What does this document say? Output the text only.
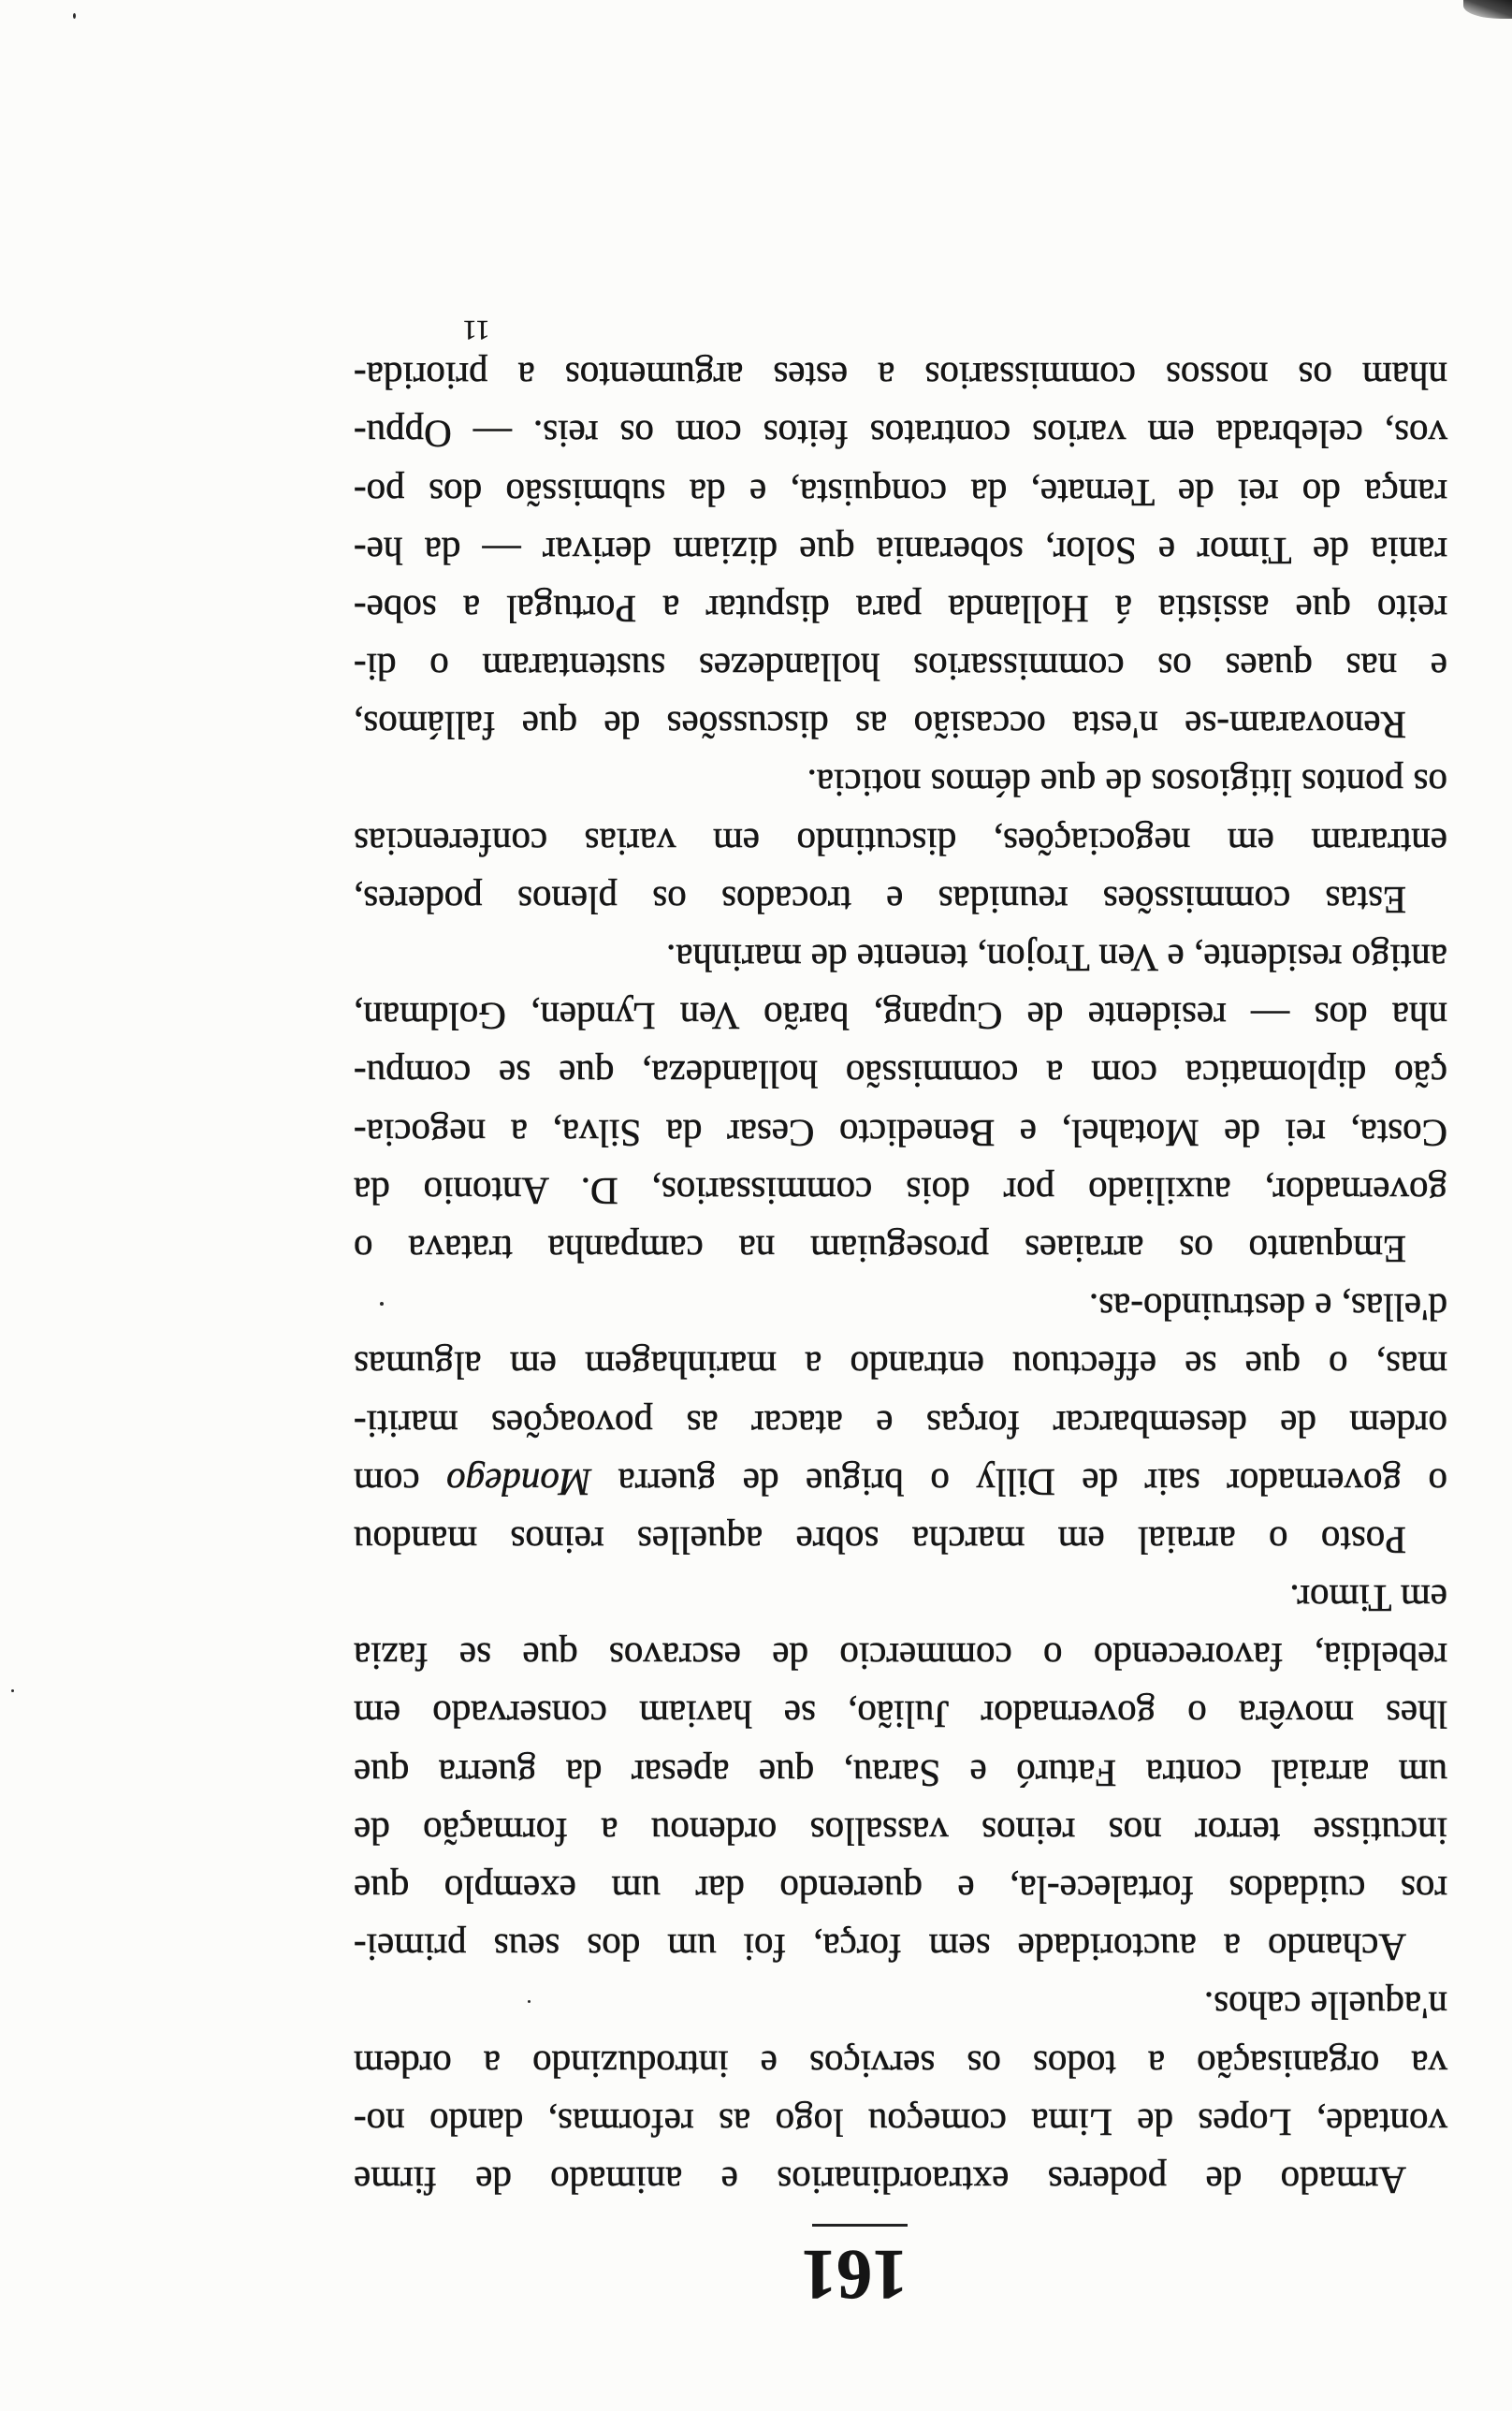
161
Armado de poderes extraordinarios e animado de firme
vontade, Lopes de Lima começou logo as reformas, dando no-
va organisação a todos os serviços e introduzindo a ordem
n'aquelle cahos.
Achando a auctoridade sem força, foi um dos seus primei-
ros cuidados fortalece-la, e querendo dar um exemplo que
incutisse terror nos reinos vassallos ordenou a formação de
um arraial contra Faturó e Sarau, que apesar da guerra que
lhes movêra o governador Julião, se haviam conservado em
rebeldia, favorecendo o commercio de escravos que se fazia
em Timor.
Posto o arraial em marcha sobre aquelles reinos mandou
o governador sair de Dilly o brigue de guerra Mondego com
ordem de desembarcar forças e atacar as povoações mariti-
mas, o que se effectuou entrando a marinhagem em algumas
d'ellas, e destruindo-as.
Emquanto os arraiaes proseguiam na campanha tratava o
governador, auxiliado por dois commissarios, D. Antonio da
Costa, rei de Motahel, e Benedicto Cesar da Silva, a negocia-
ção diplomatica com a commissão hollandeza, que se compu-
nha dos — residente de Cupang, barão Ven Lynden, Goldman,
antigo residente, e Ven Trojon, tenente de marinha.
Estas commissões reunidas e trocados os plenos poderes,
entraram em negociações, discutindo em varias conferencias
os pontos litigiosos de que démos noticia.
Renovaram-se n'esta occasião as discussões de que fallámos,
e nas quaes os commissarios hollandezes sustentaram o di-
reito que assistia á Hollanda para disputar a Portugal a sobe-
rania de Timor e Solor, soberania que diziam derivar — da he-
rança do rei de Ternate, da conquista, e da submissão dos po-
vos, celebrada em varios contratos feitos com os reis. — Oppu-
nham os nossos commissarios a estes argumentos a priorida-
11
